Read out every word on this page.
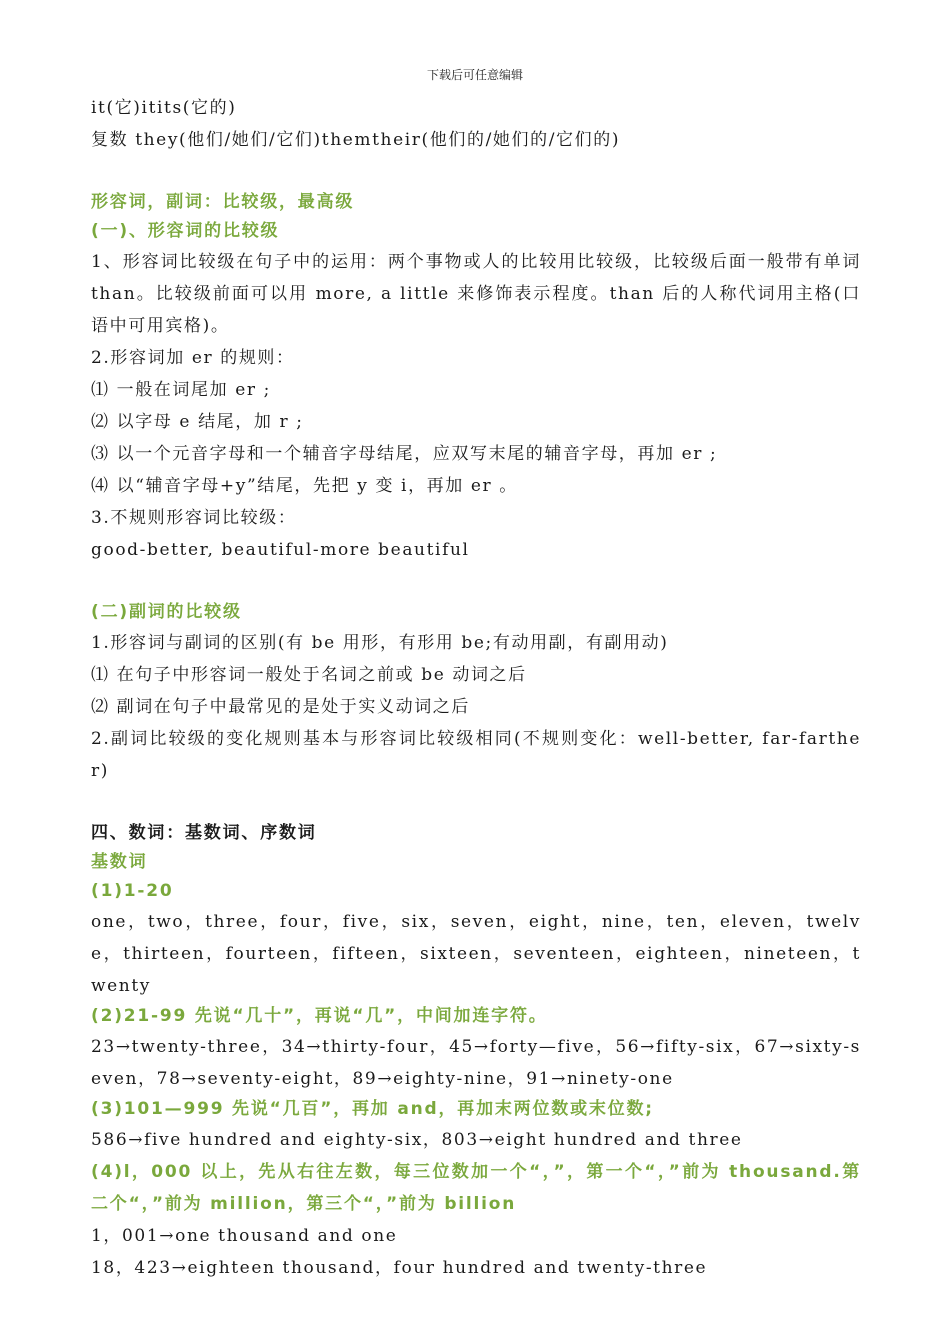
下载后可任意编辑
it(它)itits(它的)
复数 they(他们/她们/它们)themtheir(他们的/她们的/它们的)
形容词，副词：比较级，最高级
(一)、形容词的比较级
1、形容词比较级在句子中的运用：两个事物或人的比较用比较级，比较级后面一般带有单词 than。比较级前面可以用 more, a little 来修饰表示程度。than 后的人称代词用主格(口语中可用宾格)。
2.形容词加 er 的规则：
⑴ 一般在词尾加 er ;
⑵ 以字母 e 结尾，加 r ;
⑶ 以一个元音字母和一个辅音字母结尾，应双写末尾的辅音字母，再加 er ;
⑷ 以“辅音字母+y”结尾，先把 y 变 i，再加 er 。
3.不规则形容词比较级：
good-better, beautiful-more beautiful
(二)副词的比较级
1.形容词与副词的区别(有 be 用形，有形用 be;有动用副，有副用动)
⑴ 在句子中形容词一般处于名词之前或 be 动词之后
⑵ 副词在句子中最常见的是处于实义动词之后
2.副词比较级的变化规则基本与形容词比较级相同(不规则变化：well-better, far-farther)
四、数词：基数词、序数词
基数词
(1)1-20
one，two，three，four，five，six，seven，eight，nine，ten，eleven，twelve，thirteen，fourteen，fifteen，sixteen，seventeen，eighteen，nineteen，twenty
(2)21-99 先说“几十”，再说“几”，中间加连字符。
23→twenty-three，34→thirty-four，45→forty—five，56→fifty-six，67→sixty-seven，78→seventy-eight，89→eighty-nine，91→ninety-one
(3)101—999 先说“几百”，再加 and，再加末两位数或末位数;
586→five hundred and eighty-six，803→eight hundred and three
(4)l，000 以上，先从右往左数，每三位数加一个“，”，第一个“，”前为 thousand.第二个“，”前为 million，第三个“，”前为 billion
1，001→one thousand and one
18，423→eighteen thousand，four hundred and twenty-three
